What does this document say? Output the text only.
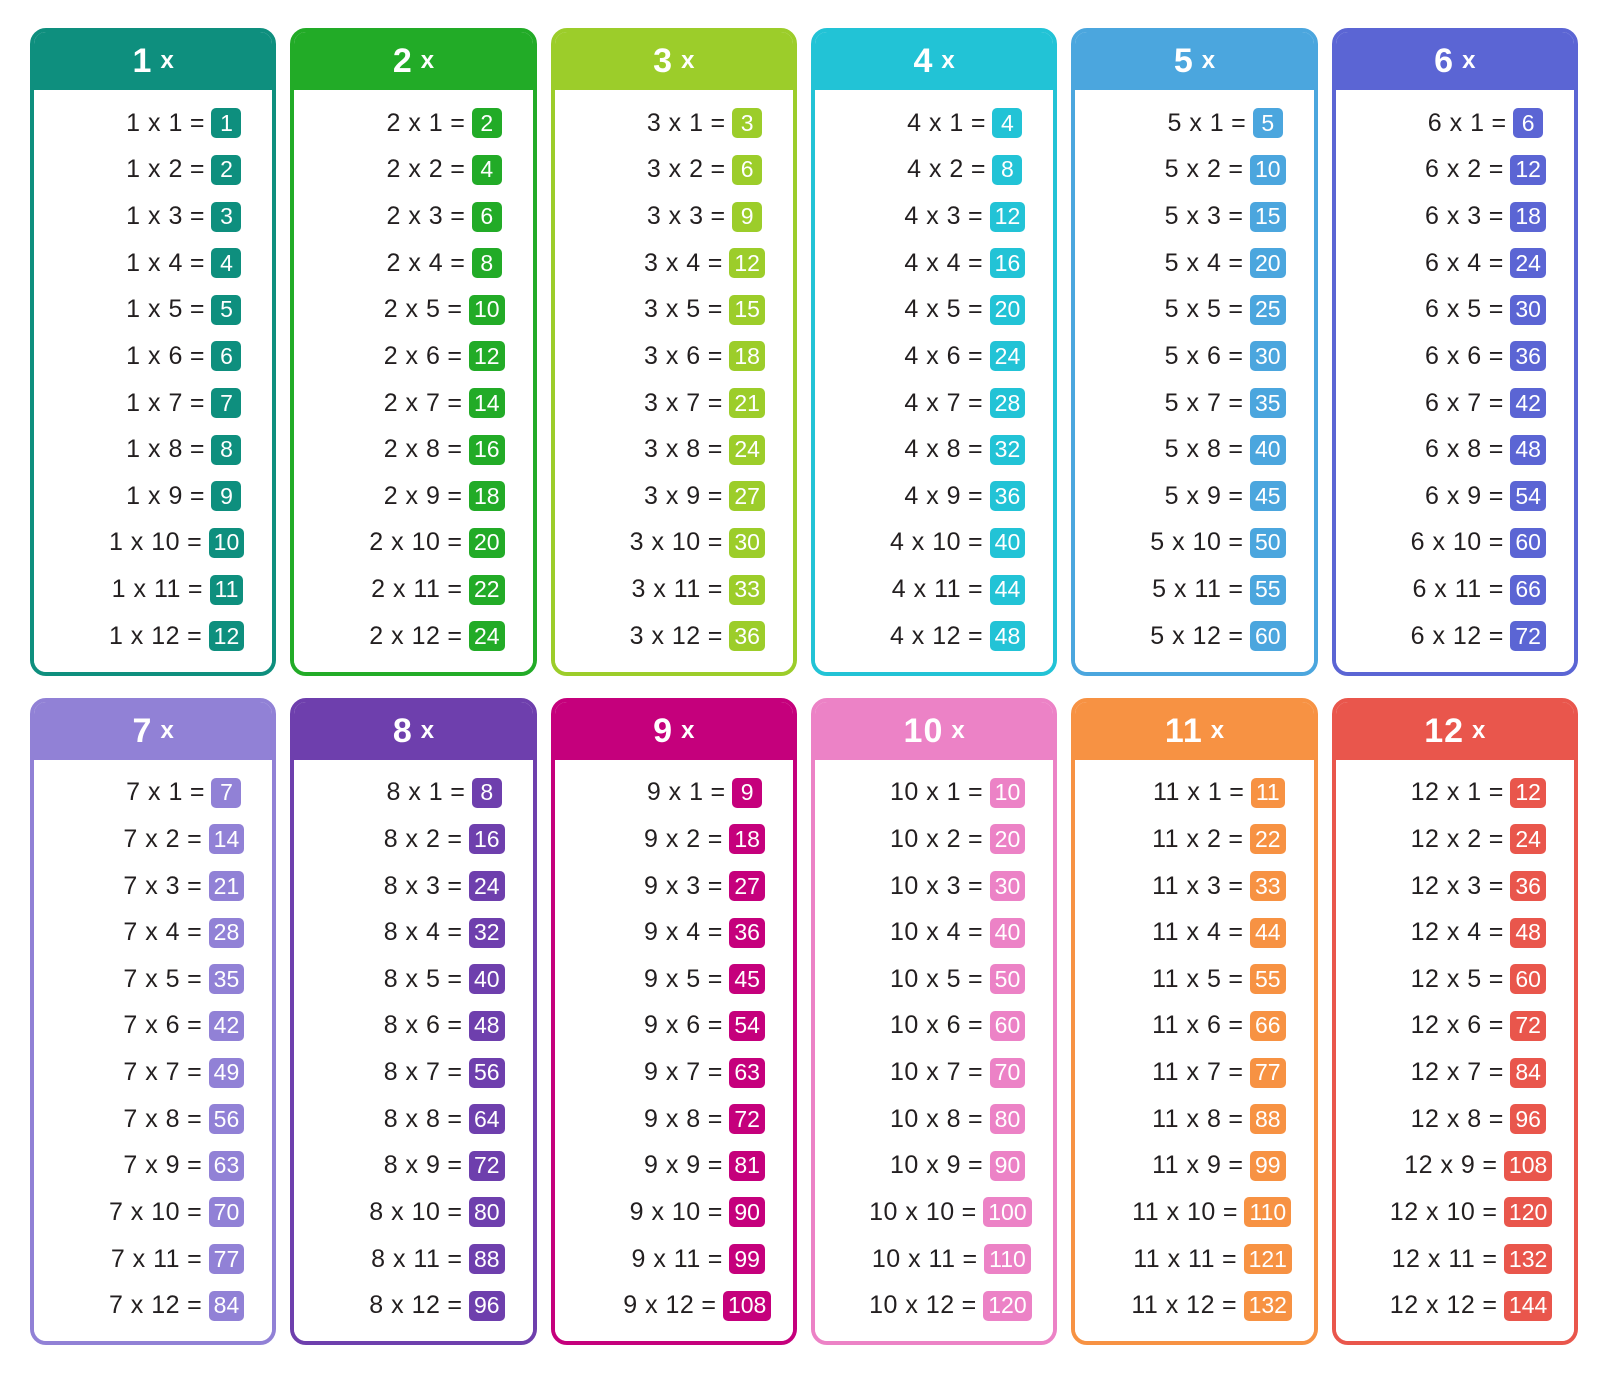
1 x
1 x 1 = 1
1 x 2 = 2
1 x 3 = 3
1 x 4 = 4
1 x 5 = 5
1 x 6 = 6
1 x 7 = 7
1 x 8 = 8
1 x 9 = 9
1 x 10 = 10
1 x 11 = 11
1 x 12 = 12
2 x
2 x 1 = 2
2 x 2 = 4
2 x 3 = 6
2 x 4 = 8
2 x 5 = 10
2 x 6 = 12
2 x 7 = 14
2 x 8 = 16
2 x 9 = 18
2 x 10 = 20
2 x 11 = 22
2 x 12 = 24
3 x
3 x 1 = 3
3 x 2 = 6
3 x 3 = 9
3 x 4 = 12
3 x 5 = 15
3 x 6 = 18
3 x 7 = 21
3 x 8 = 24
3 x 9 = 27
3 x 10 = 30
3 x 11 = 33
3 x 12 = 36
4 x
4 x 1 = 4
4 x 2 = 8
4 x 3 = 12
4 x 4 = 16
4 x 5 = 20
4 x 6 = 24
4 x 7 = 28
4 x 8 = 32
4 x 9 = 36
4 x 10 = 40
4 x 11 = 44
4 x 12 = 48
5 x
5 x 1 = 5
5 x 2 = 10
5 x 3 = 15
5 x 4 = 20
5 x 5 = 25
5 x 6 = 30
5 x 7 = 35
5 x 8 = 40
5 x 9 = 45
5 x 10 = 50
5 x 11 = 55
5 x 12 = 60
6 x
6 x 1 = 6
6 x 2 = 12
6 x 3 = 18
6 x 4 = 24
6 x 5 = 30
6 x 6 = 36
6 x 7 = 42
6 x 8 = 48
6 x 9 = 54
6 x 10 = 60
6 x 11 = 66
6 x 12 = 72
7 x
7 x 1 = 7
7 x 2 = 14
7 x 3 = 21
7 x 4 = 28
7 x 5 = 35
7 x 6 = 42
7 x 7 = 49
7 x 8 = 56
7 x 9 = 63
7 x 10 = 70
7 x 11 = 77
7 x 12 = 84
8 x
8 x 1 = 8
8 x 2 = 16
8 x 3 = 24
8 x 4 = 32
8 x 5 = 40
8 x 6 = 48
8 x 7 = 56
8 x 8 = 64
8 x 9 = 72
8 x 10 = 80
8 x 11 = 88
8 x 12 = 96
9 x
9 x 1 = 9
9 x 2 = 18
9 x 3 = 27
9 x 4 = 36
9 x 5 = 45
9 x 6 = 54
9 x 7 = 63
9 x 8 = 72
9 x 9 = 81
9 x 10 = 90
9 x 11 = 99
9 x 12 = 108
10 x
10 x 1 = 10
10 x 2 = 20
10 x 3 = 30
10 x 4 = 40
10 x 5 = 50
10 x 6 = 60
10 x 7 = 70
10 x 8 = 80
10 x 9 = 90
10 x 10 = 100
10 x 11 = 110
10 x 12 = 120
11 x
11 x 1 = 11
11 x 2 = 22
11 x 3 = 33
11 x 4 = 44
11 x 5 = 55
11 x 6 = 66
11 x 7 = 77
11 x 8 = 88
11 x 9 = 99
11 x 10 = 110
11 x 11 = 121
11 x 12 = 132
12 x
12 x 1 = 12
12 x 2 = 24
12 x 3 = 36
12 x 4 = 48
12 x 5 = 60
12 x 6 = 72
12 x 7 = 84
12 x 8 = 96
12 x 9 = 108
12 x 10 = 120
12 x 11 = 132
12 x 12 = 144
